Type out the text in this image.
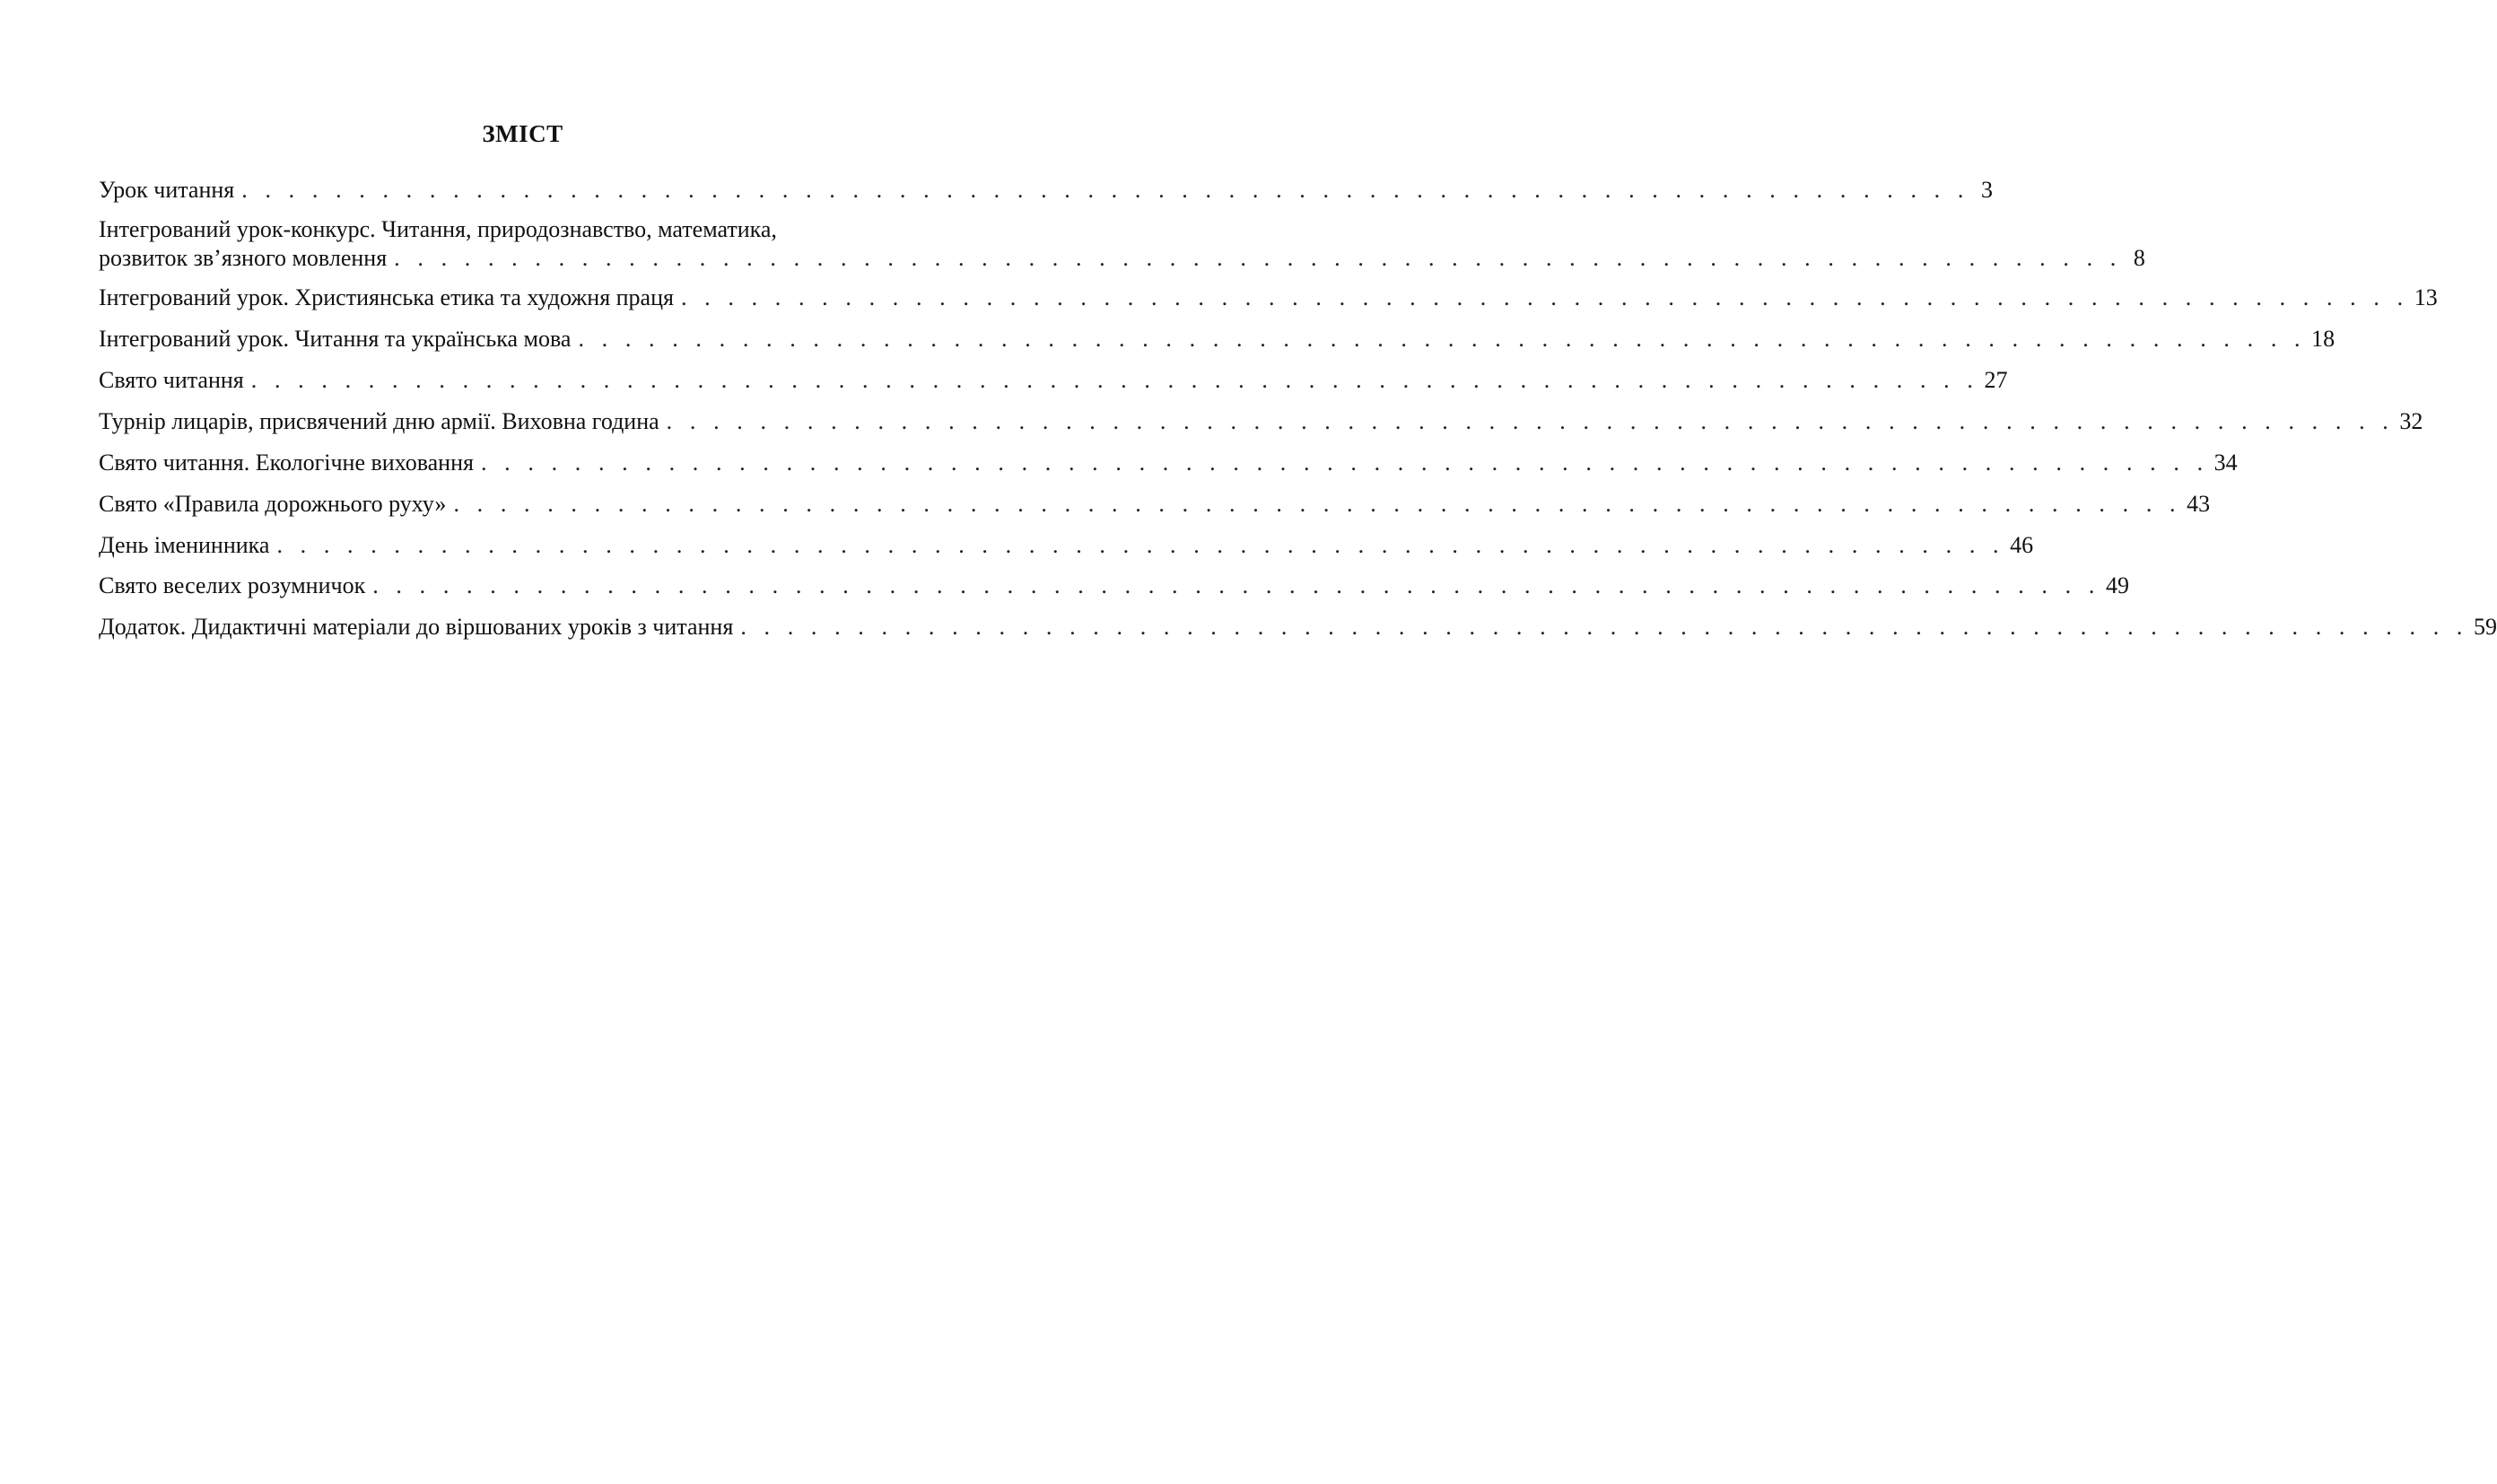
ЗМІСТ
Урок читання . . . . . . . . . . . . . . . . . . . . . . . . . . . . . . . . . . . . . . . . . . . . . . . . . . . . . . . . . . . . . . . . . . . . . . . . . . 3
Інтегрований урок-конкурс. Читання, природознавство, математика,
розвиток зв’язного мовлення . . . . . . . . . . . . . . . . . . . . . . . . . . . . . . . . . . . . . . . . . . . . . . . . . . . . . . . . . . . . . . . . . . . . . . . . . . 8
Інтегрований урок. Християнська етика та художня праця . . . . . . . . . . . . . . . . . . . . . . . . . . . . . . . . . . . . . . . . . . . . . . . . . . . . . . . . . . . . . . . . . . . . . . . . . . 13
Інтегрований урок. Читання та українська мова . . . . . . . . . . . . . . . . . . . . . . . . . . . . . . . . . . . . . . . . . . . . . . . . . . . . . . . . . . . . . . . . . . . . . . . . . . 18
Свято читання . . . . . . . . . . . . . . . . . . . . . . . . . . . . . . . . . . . . . . . . . . . . . . . . . . . . . . . . . . . . . . . . . . . . . . . . . . 27
Турнір лицарів, присвячений дню армії. Виховна година . . . . . . . . . . . . . . . . . . . . . . . . . . . . . . . . . . . . . . . . . . . . . . . . . . . . . . . . . . . . . . . . . . . . . . . . . . 32
Свято читання. Екологічне виховання . . . . . . . . . . . . . . . . . . . . . . . . . . . . . . . . . . . . . . . . . . . . . . . . . . . . . . . . . . . . . . . . . . . . . . . . . . 34
Свято «Правила дорожнього руху» . . . . . . . . . . . . . . . . . . . . . . . . . . . . . . . . . . . . . . . . . . . . . . . . . . . . . . . . . . . . . . . . . . . . . . . . . . 43
День іменинника . . . . . . . . . . . . . . . . . . . . . . . . . . . . . . . . . . . . . . . . . . . . . . . . . . . . . . . . . . . . . . . . . . . . . . . . . . 46
Свято веселих розумничок . . . . . . . . . . . . . . . . . . . . . . . . . . . . . . . . . . . . . . . . . . . . . . . . . . . . . . . . . . . . . . . . . . . . . . . . . . 49
Додаток. Дидактичні матеріали до віршованих уроків з читання . . . . . . . . . . . . . . . . . . . . . . . . . . . . . . . . . . . . . . . . . . . . . . . . . . . . . . . . . . . . . . . . . . . . . . . . . . 59
